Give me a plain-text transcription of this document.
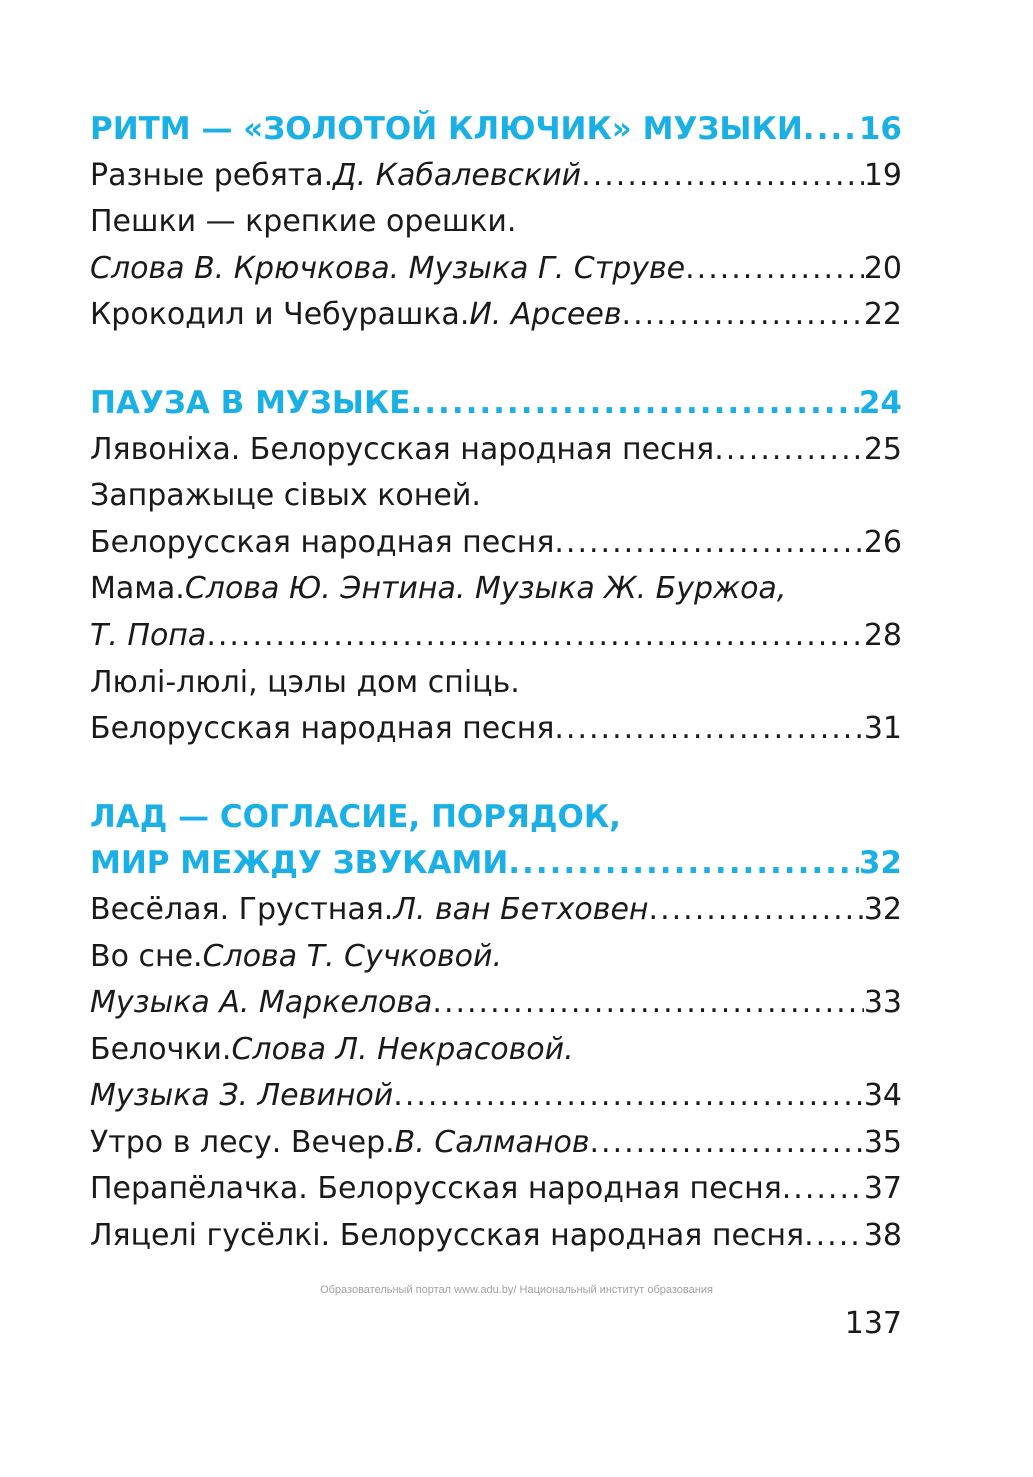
РИТМ — «ЗОЛОТОЙ КЛЮЧИК» МУЗЫКИ ..... 16
Разные ребята. Д. Кабалевский .....	19
Пешки — крепкие орешки.
Слова В. Крючкова. Музыка Г. Струве .....	20
Крокодил и Чебурашка. И. Арсеев .....	22
ПАУЗА В МУЗЫКЕ .....	24
Лявоніха. Белорусская народная песня .....	25
Запражыце сівых коней.
Белорусская народная песня .....	26
Мама. Слова Ю. Энтина. Музыка Ж. Буржоа,
Т. Попа .....	28
Люлі-люлі, цэлы дом спіць.
Белорусская народная песня .....	31
ЛАД — СОГЛАСИЕ, ПОРЯДОК,
МИР МЕЖДУ ЗВУКАМИ .....	32
Весёлая. Грустная. Л. ван Бетховен .....	32
Во сне. Слова Т. Сучковой.
Музыка А. Маркелова .....	33
Белочки. Слова Л. Некрасовой.
Музыка З. Левиной .....	34
Утро в лесу. Вечер. В. Салманов .....	35
Перапёлачка. Белорусская народная песня .....	37
Ляцелі гусёлкі. Белорусская народная песня ..... 38
Образовательный портал www.adu.by/ Национальный институт образования
137
